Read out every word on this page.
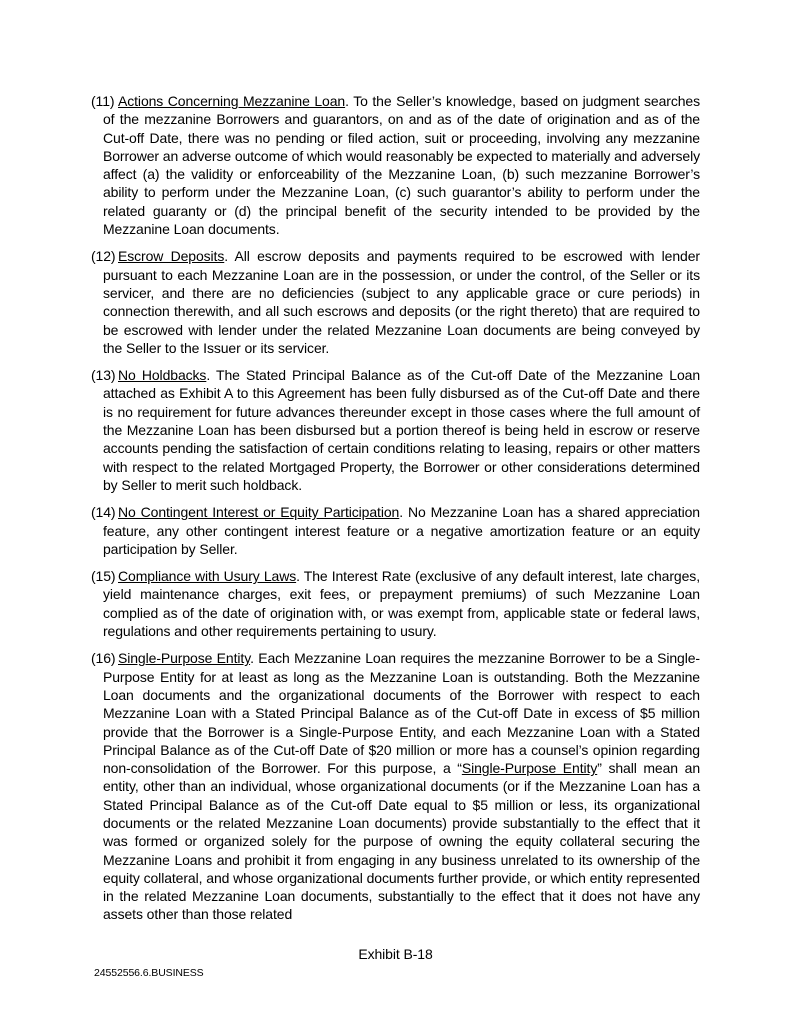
(11) Actions Concerning Mezzanine Loan. To the Seller’s knowledge, based on judgment searches of the mezzanine Borrowers and guarantors, on and as of the date of origination and as of the Cut-off Date, there was no pending or filed action, suit or proceeding, involving any mezzanine Borrower an adverse outcome of which would reasonably be expected to materially and adversely affect (a) the validity or enforceability of the Mezzanine Loan, (b) such mezzanine Borrower’s ability to perform under the Mezzanine Loan, (c) such guarantor’s ability to perform under the related guaranty or (d) the principal benefit of the security intended to be provided by the Mezzanine Loan documents.

(12) Escrow Deposits. All escrow deposits and payments required to be escrowed with lender pursuant to each Mezzanine Loan are in the possession, or under the control, of the Seller or its servicer, and there are no deficiencies (subject to any applicable grace or cure periods) in connection therewith, and all such escrows and deposits (or the right thereto) that are required to be escrowed with lender under the related Mezzanine Loan documents are being conveyed by the Seller to the Issuer or its servicer.

(13) No Holdbacks. The Stated Principal Balance as of the Cut-off Date of the Mezzanine Loan attached as Exhibit A to this Agreement has been fully disbursed as of the Cut-off Date and there is no requirement for future advances thereunder except in those cases where the full amount of the Mezzanine Loan has been disbursed but a portion thereof is being held in escrow or reserve accounts pending the satisfaction of certain conditions relating to leasing, repairs or other matters with respect to the related Mortgaged Property, the Borrower or other considerations determined by Seller to merit such holdback.

(14) No Contingent Interest or Equity Participation. No Mezzanine Loan has a shared appreciation feature, any other contingent interest feature or a negative amortization feature or an equity participation by Seller.

(15) Compliance with Usury Laws. The Interest Rate (exclusive of any default interest, late charges, yield maintenance charges, exit fees, or prepayment premiums) of such Mezzanine Loan complied as of the date of origination with, or was exempt from, applicable state or federal laws, regulations and other requirements pertaining to usury.

(16) Single-Purpose Entity. Each Mezzanine Loan requires the mezzanine Borrower to be a Single-Purpose Entity for at least as long as the Mezzanine Loan is outstanding. Both the Mezzanine Loan documents and the organizational documents of the Borrower with respect to each Mezzanine Loan with a Stated Principal Balance as of the Cut-off Date in excess of $5 million provide that the Borrower is a Single-Purpose Entity, and each Mezzanine Loan with a Stated Principal Balance as of the Cut-off Date of $20 million or more has a counsel’s opinion regarding non-consolidation of the Borrower. For this purpose, a “Single-Purpose Entity” shall mean an entity, other than an individual, whose organizational documents (or if the Mezzanine Loan has a Stated Principal Balance as of the Cut-off Date equal to $5 million or less, its organizational documents or the related Mezzanine Loan documents) provide substantially to the effect that it was formed or organized solely for the purpose of owning the equity collateral securing the Mezzanine Loans and prohibit it from engaging in any business unrelated to its ownership of the equity collateral, and whose organizational documents further provide, or which entity represented in the related Mezzanine Loan documents, substantially to the effect that it does not have any assets other than those related

Exhibit B-18
24552556.6.BUSINESS
